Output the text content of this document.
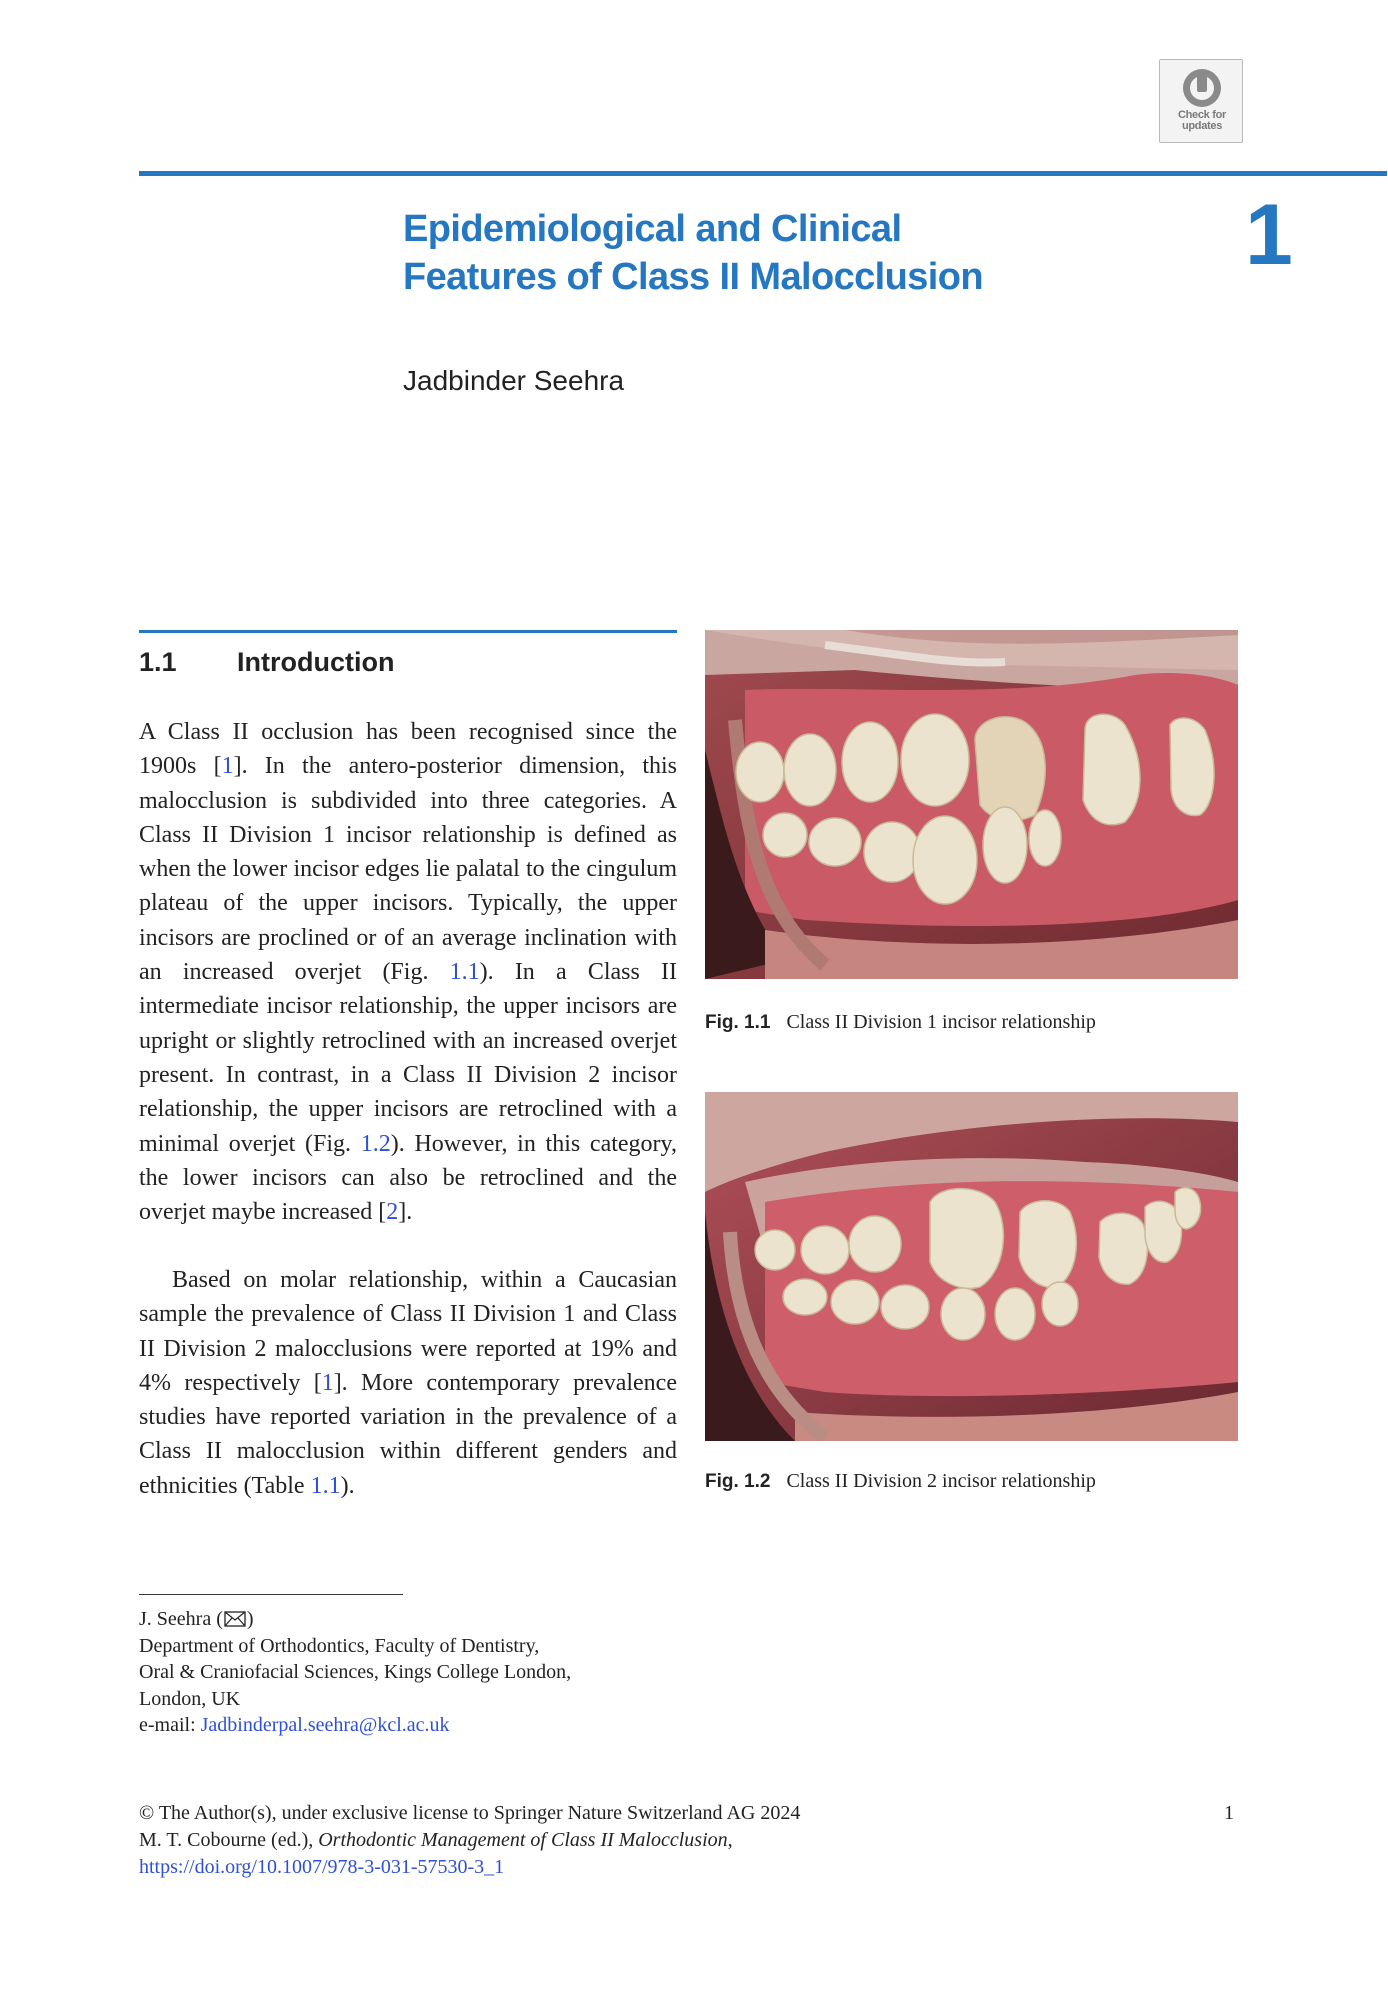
Check for updates
Epidemiological and Clinical
Features of Class II Malocclusion	1
Jadbinder Seehra
1.1 Introduction

A Class II occlusion has been recognised since the 1900s [1]. In the antero-posterior dimension, this malocclusion is subdivided into three categories. A Class II Division 1 incisor relationship is defined as when the lower incisor edges lie palatal to the cingulum plateau of the upper incisors. Typically, the upper incisors are proclined or of an average inclination with an increased overjet (Fig. 1.1). In a Class II intermediate incisor relationship, the upper incisors are upright or slightly retroclined with an increased overjet present. In contrast, in a Class II Division 2 incisor relationship, the upper incisors are retroclined with a minimal overjet (Fig. 1.2). However, in this category, the lower incisors can also be retroclined and the overjet maybe increased [2].

Based on molar relationship, within a Caucasian sample the prevalence of Class II Division 1 and Class II Division 2 malocclusions were reported at 19% and 4% respectively [1]. More contemporary prevalence studies have reported variation in the prevalence of a Class II malocclusion within different genders and ethnicities (Table 1.1).

Fig. 1.1 Class II Division 1 incisor relationship

Fig. 1.2 Class II Division 2 incisor relationship

J. Seehra ( )
Department of Orthodontics, Faculty of Dentistry,
Oral & Craniofacial Sciences, Kings College London,
London, UK
e-mail: Jadbinderpal.seehra@kcl.ac.uk
© The Author(s), under exclusive license to Springer Nature Switzerland AG 2024
M. T. Cobourne (ed.), Orthodontic Management of Class II Malocclusion,
https://doi.org/10.1007/978-3-031-57530-3_1
1
